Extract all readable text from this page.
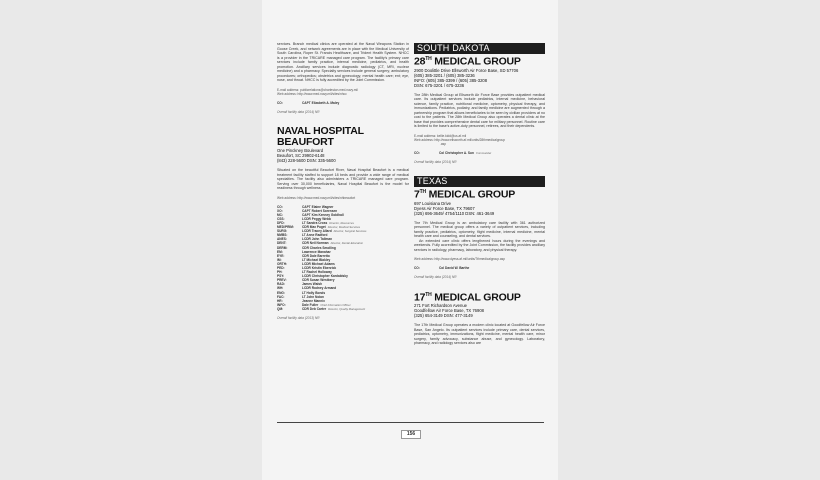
services. Branch medical clinics are operated at the Naval Weapons Station in Goose Creek, and network agreements are in place with the Medical University of South Carolina, Roper St. Francis Healthcare, and Trident Health System. NHCC is a provider in the TRICARE managed care program. The facility's primary care services include family practice, internal medicine, pediatrics, and health promotion. Ancillary services include diagnostic radiology (CT, MRI, nuclear medicine) and a pharmacy. Specialty services include general surgery; ambulatory procedures; orthopedics; obstetrics and gynecology; mental health care; ent; eye, nose, and throat. NHCC is fully accredited by the Joint Commission.

E-mail address: publicrelations@charleston.med.navy.mil

Web address: http://www.med.navy.mil/sites/nhcc

CO:	CAPT Elizabeth A. Maley

Overall facility data (2014) NR

NAVAL HOSPITAL BEAUFORT
One Pinckney Boulevard
Beaufort, SC 29902-6148
(843) 228-5600 DSN: 335-5600

Situated on the beautiful Beaufort River, Naval Hospital Beaufort is a medical treatment facility staffed to support 18 beds and provide a wide range of medical specialties. The facility also administers a TRICARE managed care program. Serving over 30,000 beneficiaries, Naval Hospital Beaufort is the model for readiness through wellness.

Web address: http://www.med.navy.mil/sites/nhbeaufort

CO:	CAPT Elaine Wagner
XO:	CAPT Robert Sorensen
MC:	CAPT Kim Kenney Goldhall
CSS:	LCDR Peggy Webb
DFD:	LT Sandra Cross Director, Resources
MED/PRIM:	CDR Max Puget Director, Medical Services
SURG:	LCDR Tracey Allard Director, Surgical Services
NMBS:	LT Anne Radford
ANES:	LCDR John Tallman
DENT:	CDR Neil Norman Director, Dental Education
DERM:	CDR Charles Smolling
EM:	Lawrence Manahar
EYE:	CDR Dale Barretto
IM:	LT Michael Blakley
ORTH:	LCDR Michael Adams
PED:	LCDR Kristin Ebenrick
PH:	LT Rachel Holloway
PSY:	LCDR Christopher Kardabisky
PREV:	CDR Susan Westbery
RAD:	James Walsh
WH:	LCDR Rodney Armand
ENG:	LT Holly Bonds
FAC:	LT John Nolan
HR:	Jeanne Mannix
INFO:	Dale Fuller Chief Information Officer
QM:	CDR Deb Carter Director, Quality Management

Overall facility data (2013) NR

SOUTH DAKOTA
28TH MEDICAL GROUP
2900 Doolittle Drive Ellsworth Air Force Base, SD 57706
(605) 385-3201 / (605) 385-3236
INFO: (605) 385-3399 / (605) 385-3208
DSN: 675-3201 / 675-3236

The 28th Medical Group at Ellsworth Air Force Base provides outpatient medical care. Its outpatient services include pediatrics, internal medicine, behavioral science, family practice, nutritional medicine, optometry, physical therapy, and immunizations. Pediatrics, podiatry, and family medicine are augmented through a partnership program that allows beneficiaries to be seen by civilian providers at no cost to the patients. The 28th Medical Group also operates a dental clinic at the base that provides comprehensive dental care for military personnel. Routine care is limited to the base's active-duty personnel, retirees, and their dependents.

E-mail address: kellie.kidd@us.af.mil

Web address: http://www.ellsworth.af.mil/units/28thmedicalgroup

.asp

CO:	Col Christopher A. Sun Commander

Overall facility data (2014) NR

TEXAS
7TH MEDICAL GROUP
697 Louisiana Drive
Dyess Air Force Base, TX 79607
(325) 696-3649/ 4754/1110 DSN: 461-3649

The 7th Medical Group is an ambulatory care facility with 361 authorized personnel. The medical group offers a variety of outpatient services, including family practice, pediatrics, optometry, flight medicine, internal medicine, mental health care and counseling, and dental services.

An extended care clinic offers lengthened hours during the evenings and weekends. Fully accredited by the Joint Commission, the facility provides ancillary services in radiology, pharmacy, laboratory, and physical therapy.

Web address: http://www.dyess.af.mil/units/7thmedicalgroup.asp

CO:	Col David W. Barthe

Overall facility data (2014) NR

17TH MEDICAL GROUP
271 Fort Richardson Avenue
Goodfellow Air Force Base, TX 76908
(325) 654-3149 DSN: 477-3149

The 17th Medical Group operates a modern clinic located at Goodfellow Air Force Base, San Angelo. Its outpatient services include primary care, dental services, pediatrics, optometry, immunizations, flight medicine, mental health care, minor surgery, family advocacy, substance abuse, and gynecology. Laboratory, pharmacy, and radiology services also are

156
